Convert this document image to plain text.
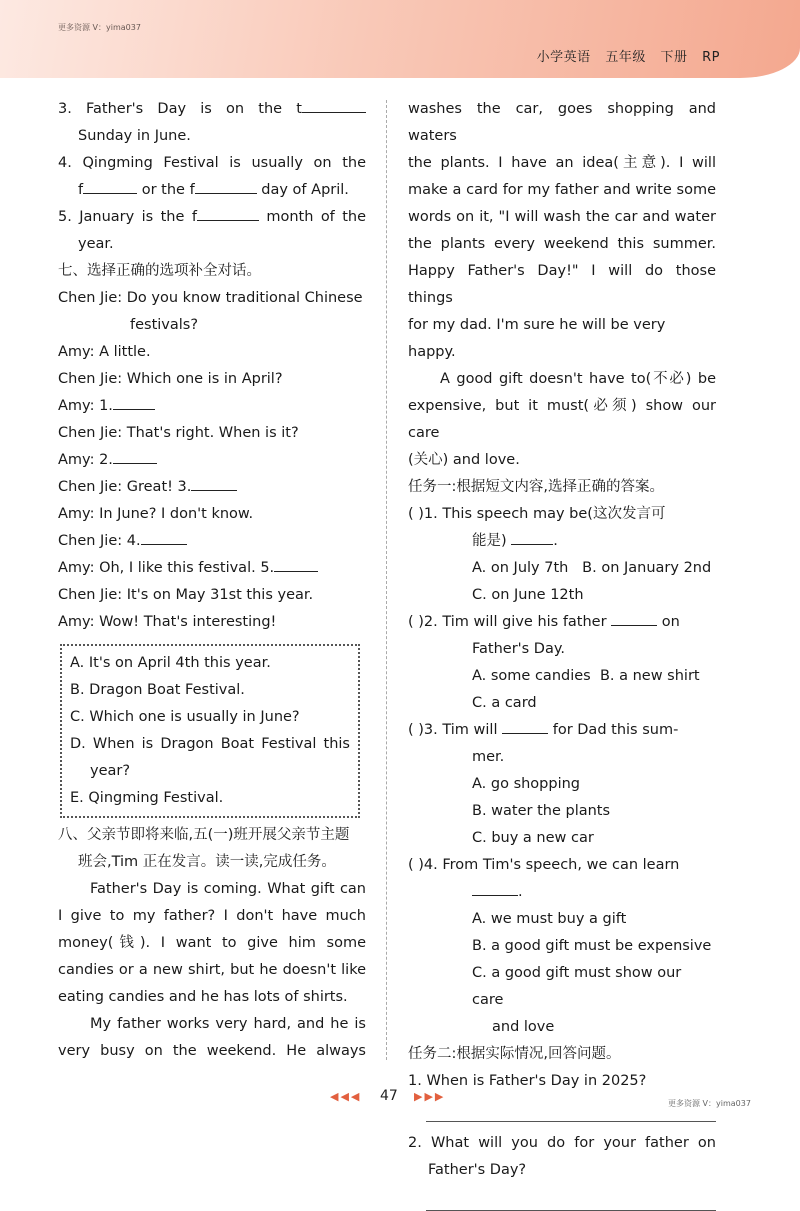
更多资源 V：yima037
小学英语 五年级 下册 RP
3. Father's Day is on the t
Sunday in June.
4. Qingming Festival is usually on the
f	or the f	day of April.
5. January is the f	month of the
year.
七、选择正确的选项补全对话。
Chen Jie: Do you know traditional Chinese
festivals?
Amy: A little.
Chen Jie: Which one is in April?
Amy: 1.
Chen Jie: That's right. When is it?
Amy: 2.
Chen Jie: Great! 3.
Amy: In June? I don't know.
Chen Jie: 4.
Amy: Oh, I like this festival. 5.
Chen Jie: It's on May 31st this year.
Amy: Wow! That's interesting!
A. It's on April 4th this year.
B. Dragon Boat Festival.
C. Which one is usually in June?
D. When is Dragon Boat Festival this
year?
E. Qingming Festival.
八、父亲节即将来临,五(一)班开展父亲节主题
班会,Tim 正在发言。读一读,完成任务。
Father's Day is coming. What gift can
I give to my father? I don't have much
money(钱). I want to give him some
candies or a new shirt, but he doesn't like
eating candies and he has lots of shirts.
My father works very hard, and he is
very busy on the weekend. He always
washes the car, goes shopping and waters
the plants. I have an idea(主意). I will
make a card for my father and write some
words on it, "I will wash the car and water
the plants every weekend this summer.
Happy Father's Day!" I will do those things
for my dad. I'm sure he will be very happy.
A good gift doesn't have to(不必) be
expensive, but it must(必须) show our care
(关心) and love.
任务一:根据短文内容,选择正确的答案。
( )1. This speech may be(这次发言可
能是)	.
A. on July 7th B. on January 2nd
C. on June 12th
( )2. Tim will give his father	on
Father's Day.
A. some candies B. a new shirt
C. a card
( )3. Tim will	for Dad this sum-
mer.
A. go shopping
B. water the plants
C. buy a new car
( )4. From Tim's speech, we can learn
.
A. we must buy a gift
B. a good gift must be expensive
C. a good gift must show our care
and love
任务二:根据实际情况,回答问题。
1. When is Father's Day in 2025?
2. What will you do for your father on
Father's Day?
◀◀◀ 47 ▶▶▶
更多资源 V：yima037
